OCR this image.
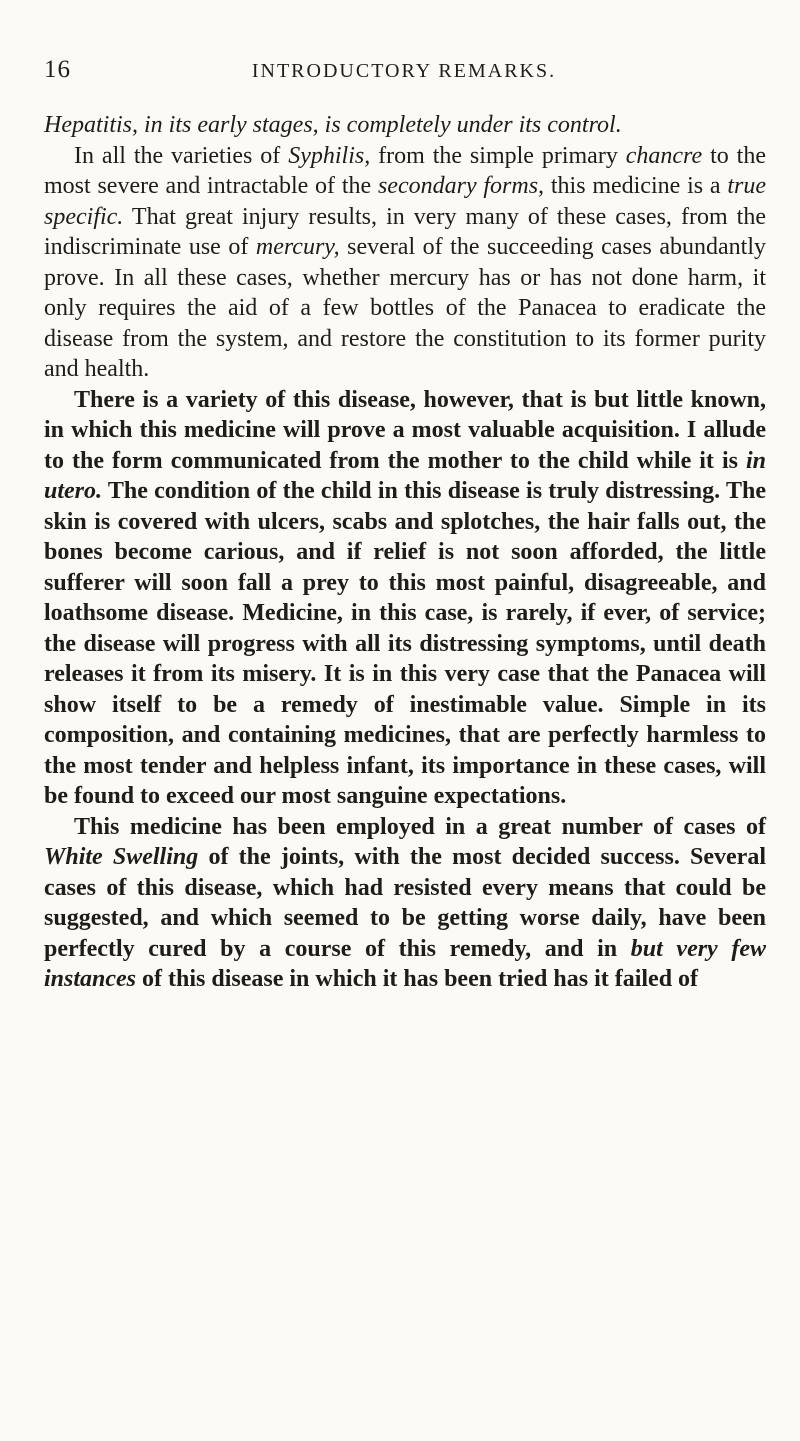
16	INTRODUCTORY REMARKS.

Hepatitis, in its early stages, is completely under its control.

In all the varieties of Syphilis, from the simple primary chancre to the most severe and intractable of the secondary forms, this medicine is a true specific. That great injury results, in very many of these cases, from the indiscriminate use of mercury, several of the succeeding cases abundantly prove. In all these cases, whether mercury has or has not done harm, it only requires the aid of a few bottles of the Panacea to eradicate the disease from the system, and restore the constitution to its former purity and health.

There is a variety of this disease, however, that is but little known, in which this medicine will prove a most valuable acquisition. I allude to the form communicated from the mother to the child while it is in utero. The condition of the child in this disease is truly distressing. The skin is covered with ulcers, scabs and splotches, the hair falls out, the bones become carious, and if relief is not soon afforded, the little sufferer will soon fall a prey to this most painful, disagreeable, and loathsome disease. Medicine, in this case, is rarely, if ever, of service; the disease will progress with all its distressing symptoms, until death releases it from its misery. It is in this very case that the Panacea will show itself to be a remedy of inestimable value. Simple in its composition, and containing medicines, that are perfectly harmless to the most tender and helpless infant, its importance in these cases, will be found to exceed our most sanguine expectations.

This medicine has been employed in a great number of cases of White Swelling of the joints, with the most decided success. Several cases of this disease, which had resisted every means that could be suggested, and which seemed to be getting worse daily, have been perfectly cured by a course of this remedy, and in but very few instances of this disease in which it has been tried has it failed of
